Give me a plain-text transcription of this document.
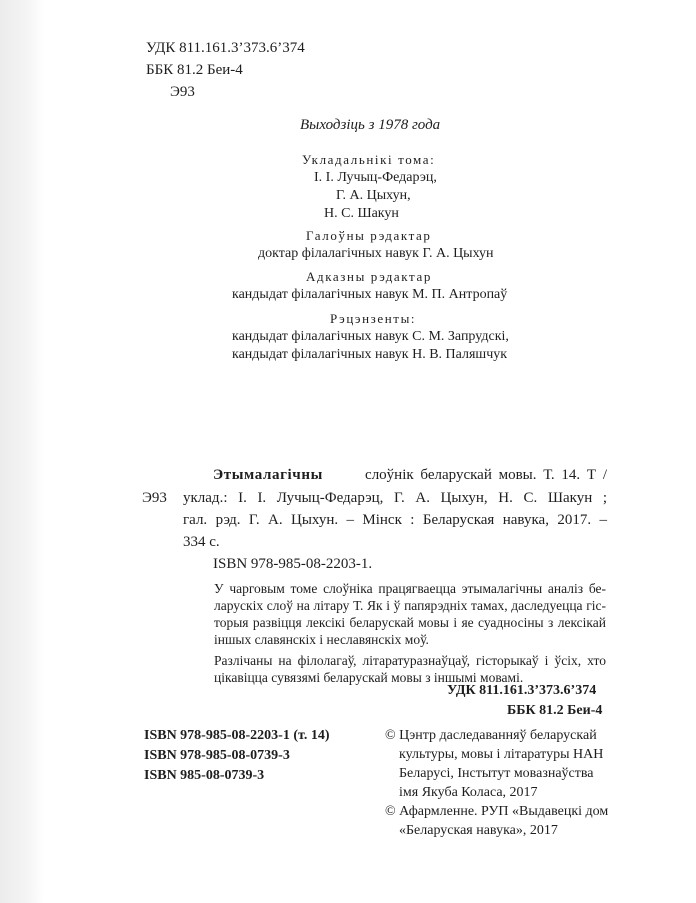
УДК 811.161.3’373.6’374
ББК 81.2 Беи-4
Э93
Выходзіць з 1978 года
Укладальнікі тома:
І. І. Лучыц-Федарэц,
Г. А. Цыхун,
Н. С. Шакун
Галоўны рэдактар
доктар філалагічных навук Г. А. Цыхун
Адказны рэдактар
кандыдат філалагічных навук М. П. Антропаў
Рэцэнзенты:
кандыдат філалагічных навук С. М. Запрудскі,
кандыдат філалагічных навук Н. В. Паляшчук
Э93
Этымалагічны	слоўнік беларускай мовы. Т. 14. Т /
уклад.: І. І. Лучыц-Федарэц, Г. А. Цыхун, Н. С. Шакун ;
гал. рэд. Г. А. Цыхун. – Мінск : Беларуская навука, 2017. –
334 с.
ISBN 978-985-08-2203-1.
У чарговым томе слоўніка працягваецца этымалагічны аналіз бе-
ларускіх слоў на літару Т. Як і ў папярэдніх тамах, даследуецца гіс-
торыя развіцця лексікі беларускай мовы і яе суадносіны з лексікай
іншых славянскіх і неславянскіх моў.
Разлічаны на філолагаў, літаратуразнаўцаў, гісторыкаў і ўсіх, хто
цікавіцца сувязямі беларускай мовы з іншымі мовамі.
УДК 811.161.3’373.6’374
ББК 81.2 Беи-4
ISBN 978-985-08-2203-1 (т. 14)
ISBN 978-985-08-0739-3
ISBN 985-08-0739-3
© Цэнтр даследаванняў беларускай
культуры, мовы і літаратуры НАН
Беларусі, Інстытут мовазнаўства
імя Якуба Коласа, 2017
© Афармленне. РУП «Выдавецкі дом
«Беларуская навука», 2017
